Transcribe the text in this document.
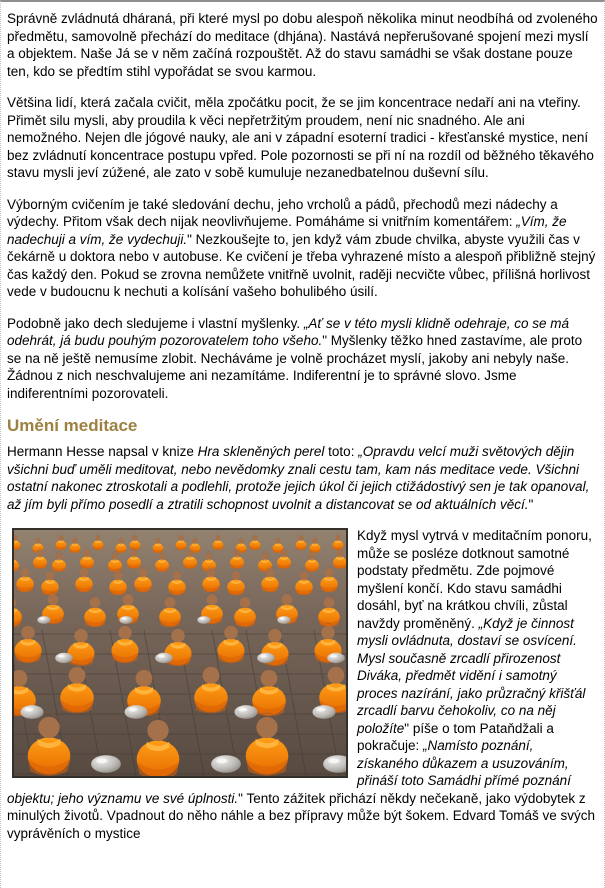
Správně zvládnutá dháraná, při které mysl po dobu alespoň několika minut neodbíhá od zvoleného předmětu, samovolně přechází do meditace (dhjána). Nastává nepřerušované spojení mezi myslí a objektem. Naše Já se v něm začíná rozpouštět. Až do stavu samádhi se však dostane pouze ten, kdo se předtím stihl vypořádat se svou karmou.

Většina lidí, která začala cvičit, měla zpočátku pocit, že se jim koncentrace nedaří ani na vteřiny. Přimět silu mysli, aby proudila k věci nepřetržitým proudem, není nic snadného. Ale ani nemožného. Nejen dle jógové nauky, ale ani v západní esoterní tradici - křesťanské mystice, není bez zvládnutí koncentrace postupu vpřed. Pole pozornosti se při ní na rozdíl od běžného těkavého stavu mysli jeví zúžené, ale zato v sobě kumuluje nezanedbatelnou duševní sílu.

Výborným cvičením je také sledování dechu, jeho vrcholů a pádů, přechodů mezi nádechy a výdechy. Přitom však dech nijak neovlivňujeme. Pomáháme si vnitřním komentářem: „Vím, že nadechuji a vím, že vydechuji." Nezkoušejte to, jen když vám zbude chvilka, abyste využili čas v čekárně u doktora nebo v autobuse. Ke cvičení je třeba vyhrazené místo a alespoň přibližně stejný čas každý den. Pokud se zrovna nemůžete vnitřně uvolnit, raději necvičte vůbec, přílišná horlivost vede v budoucnu k nechuti a kolísání vašeho bohulibého úsilí.

Podobně jako dech sledujeme i vlastní myšlenky. „Ať se v této mysli klidně odehraje, co se má odehrát, já budu pouhým pozorovatelem toho všeho." Myšlenky těžko hned zastavíme, ale proto se na ně ještě nemusíme zlobit. Necháváme je volně procházet myslí, jakoby ani nebyly naše. Žádnou z nich neschvalujeme ani nezamítáme. Indiferentní je to správné slovo. Jsme indiferentními pozorovateli.

Umění meditace

Hermann Hesse napsal v knize Hra skleněných perel toto: „Opravdu velcí muži světových dějin všichni buď uměli meditovat, nebo nevědomky znali cestu tam, kam nás meditace vede. Všichni ostatní nakonec ztroskotali a podlehli, protože jejich úkol či jejich ctižádostivý sen je tak opanoval, až jím byli přímo posedlí a ztratili schopnost uvolnit a distancovat se od aktuálních věcí."

Když mysl vytrvá v meditačním ponoru, může se posléze dotknout samotné podstaty předmětu. Zde pojmové myšlení končí. Kdo stavu samádhi dosáhl, byť na krátkou chvíli, zůstal navždy proměněný. „Když je činnost mysli ovládnuta, dostaví se osvícení. Mysl současně zrcadlí přirozenost Diváka, předmět vidění i samotný proces nazírání, jako průzračný křišťál zrcadlí barvu čehokoliv, co na něj položíte" píše o tom Pataňdžali a pokračuje: „Namísto poznání, získaného důkazem a usuzováním, přináší toto Samádhi přímé poznání objektu; jeho významu ve své úplnosti." Tento zážitek přichází někdy nečekaně, jako výdobytek z minulých životů. Vpadnout do něho náhle a bez přípravy může být šokem. Edvard Tomáš ve svých vyprávěních o mystice
